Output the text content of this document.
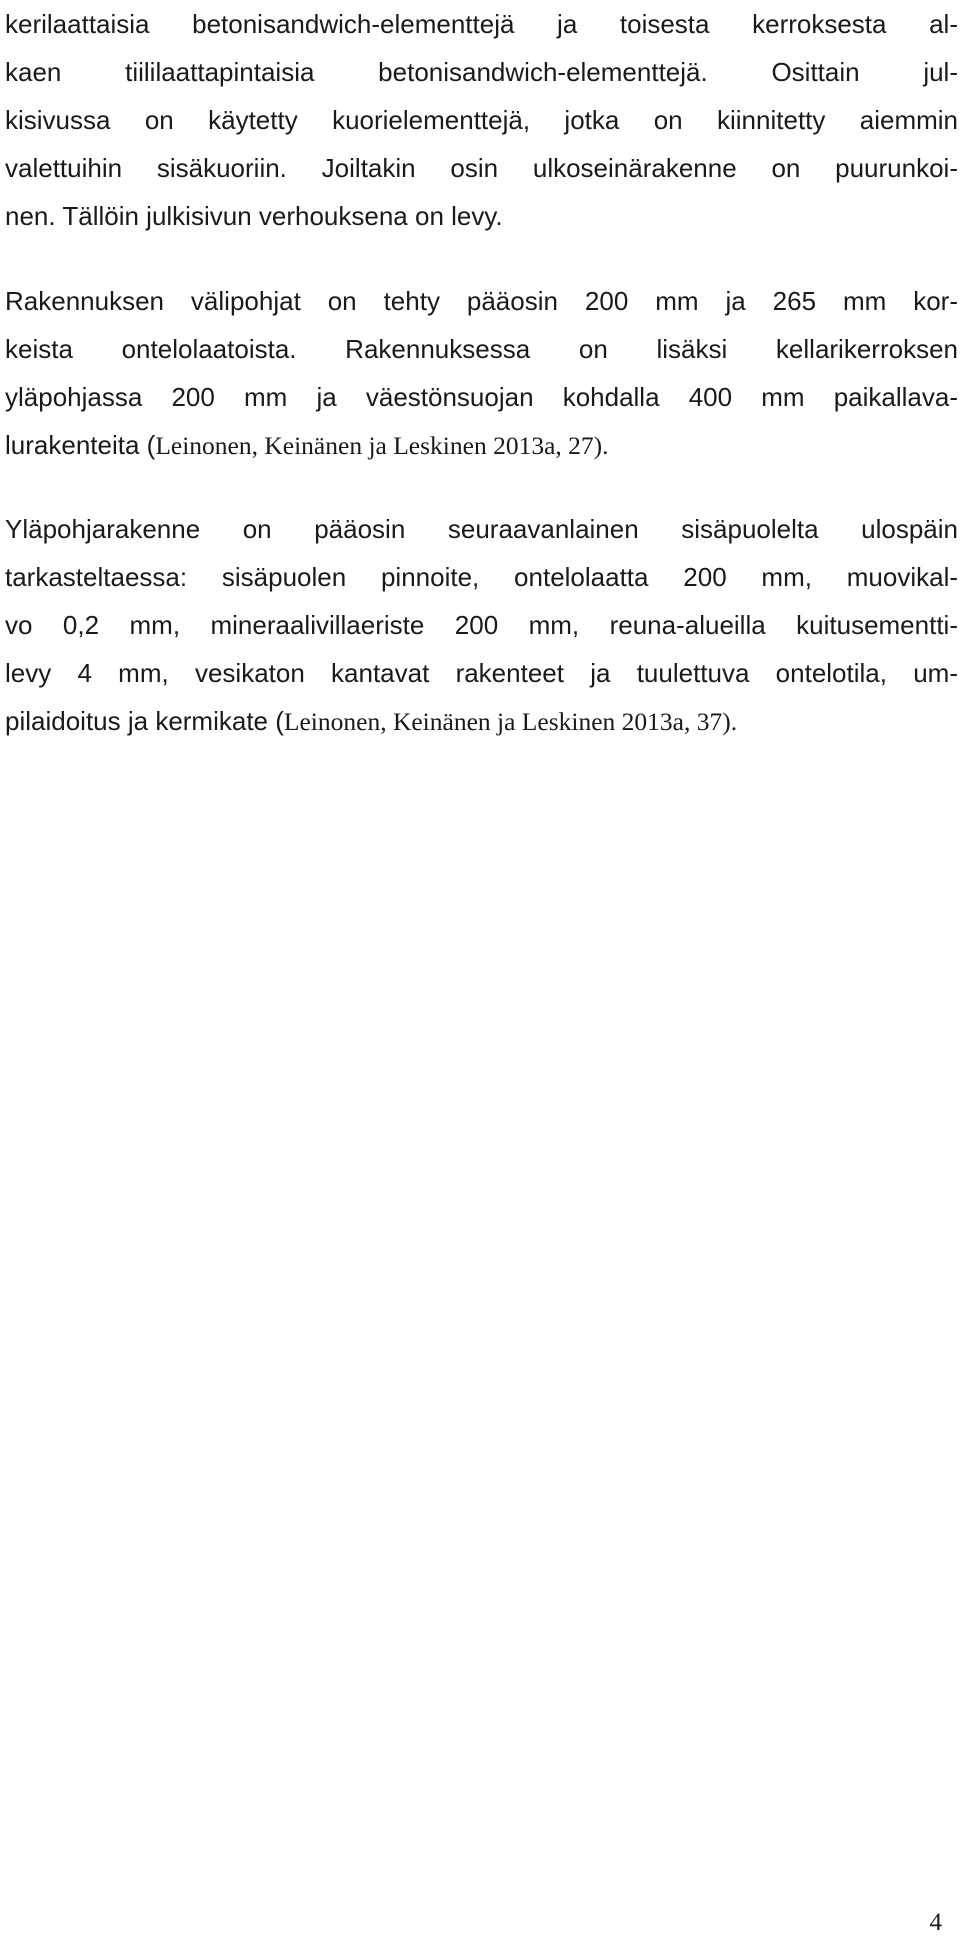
kerilaattaisia betonisandwich-elementtejä ja toisesta kerroksesta al-
kaen tiililaattapintaisia betonisandwich-elementtejä. Osittain jul-
kisivussa on käytetty kuorielementtejä, jotka on kiinnitetty aiemmin
valettuihin sisäkuoriin. Joiltakin osin ulkoseinärakenne on puurunkoi-
nen. Tällöin julkisivun verhouksena on levy.
Rakennuksen välipohjat on tehty pääosin 200 mm ja 265 mm kor-
keista ontelolaatoista. Rakennuksessa on lisäksi kellarikerroksen
yläpohjassa 200 mm ja väestönsuojan kohdalla 400 mm paikallava-
lurakenteita (Leinonen, Keinänen ja Leskinen 2013a, 27).
Yläpohjarakenne on pääosin seuraavanlainen sisäpuolelta ulospäin
tarkasteltaessa: sisäpuolen pinnoite, ontelolaatta 200 mm, muovikal-
vo 0,2 mm, mineraalivillaeriste 200 mm, reuna-alueilla kuitusementti-
levy 4 mm, vesikaton kantavat rakenteet ja tuulettuva ontelotila, um-
pilaidoitus ja kermikate (Leinonen, Keinänen ja Leskinen 2013a, 37).
4
